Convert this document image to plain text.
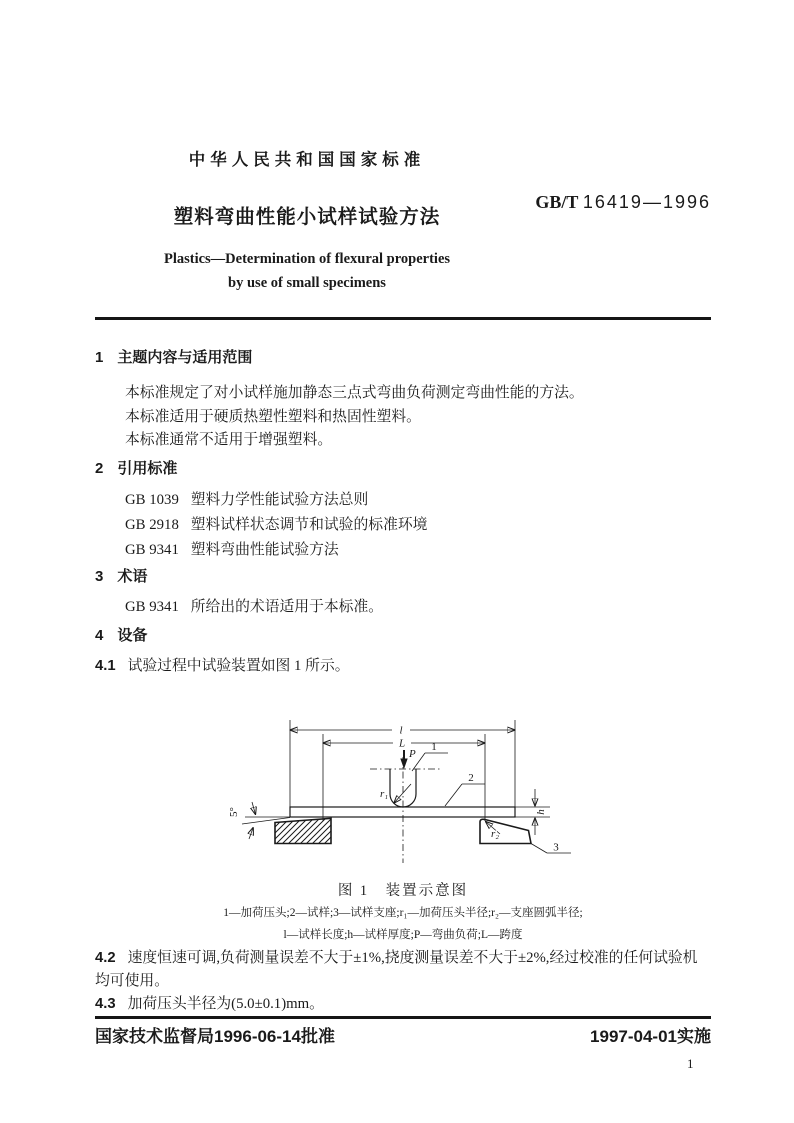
中华人民共和国国家标准
GB/T 16419—1996
塑料弯曲性能小试样试验方法
Plastics—Determination of flexural properties
by use of small specimens
1 主题内容与适用范围
本标准规定了对小试样施加静态三点式弯曲负荷测定弯曲性能的方法。
本标准适用于硬质热塑性塑料和热固性塑料。
本标准通常不适用于增强塑料。
2 引用标准
GB 1039 塑料力学性能试验方法总则
GB 2918 塑料试样状态调节和试验的标准环境
GB 9341 塑料弯曲性能试验方法
3 术语
GB 9341 所给出的术语适用于本标准。
4 设备
4.1 试验过程中试验装置如图 1 所示。
l
L
P
1
r₁
2
r₂
3
h
5°
图 1　装置示意图
1—加荷压头;2—试样;3—试样支座;r₁—加荷压头半径;r₂—支座圆弧半径;
l—试样长度;h—试样厚度;P—弯曲负荷;L—跨度
4.2 速度恒速可调,负荷测量误差不大于±1%,挠度测量误差不大于±2%,经过校准的任何试验机均可使用。
4.3 加荷压头半径为(5.0±0.1)mm。
国家技术监督局1996-06-14批准	1997-04-01实施
1
